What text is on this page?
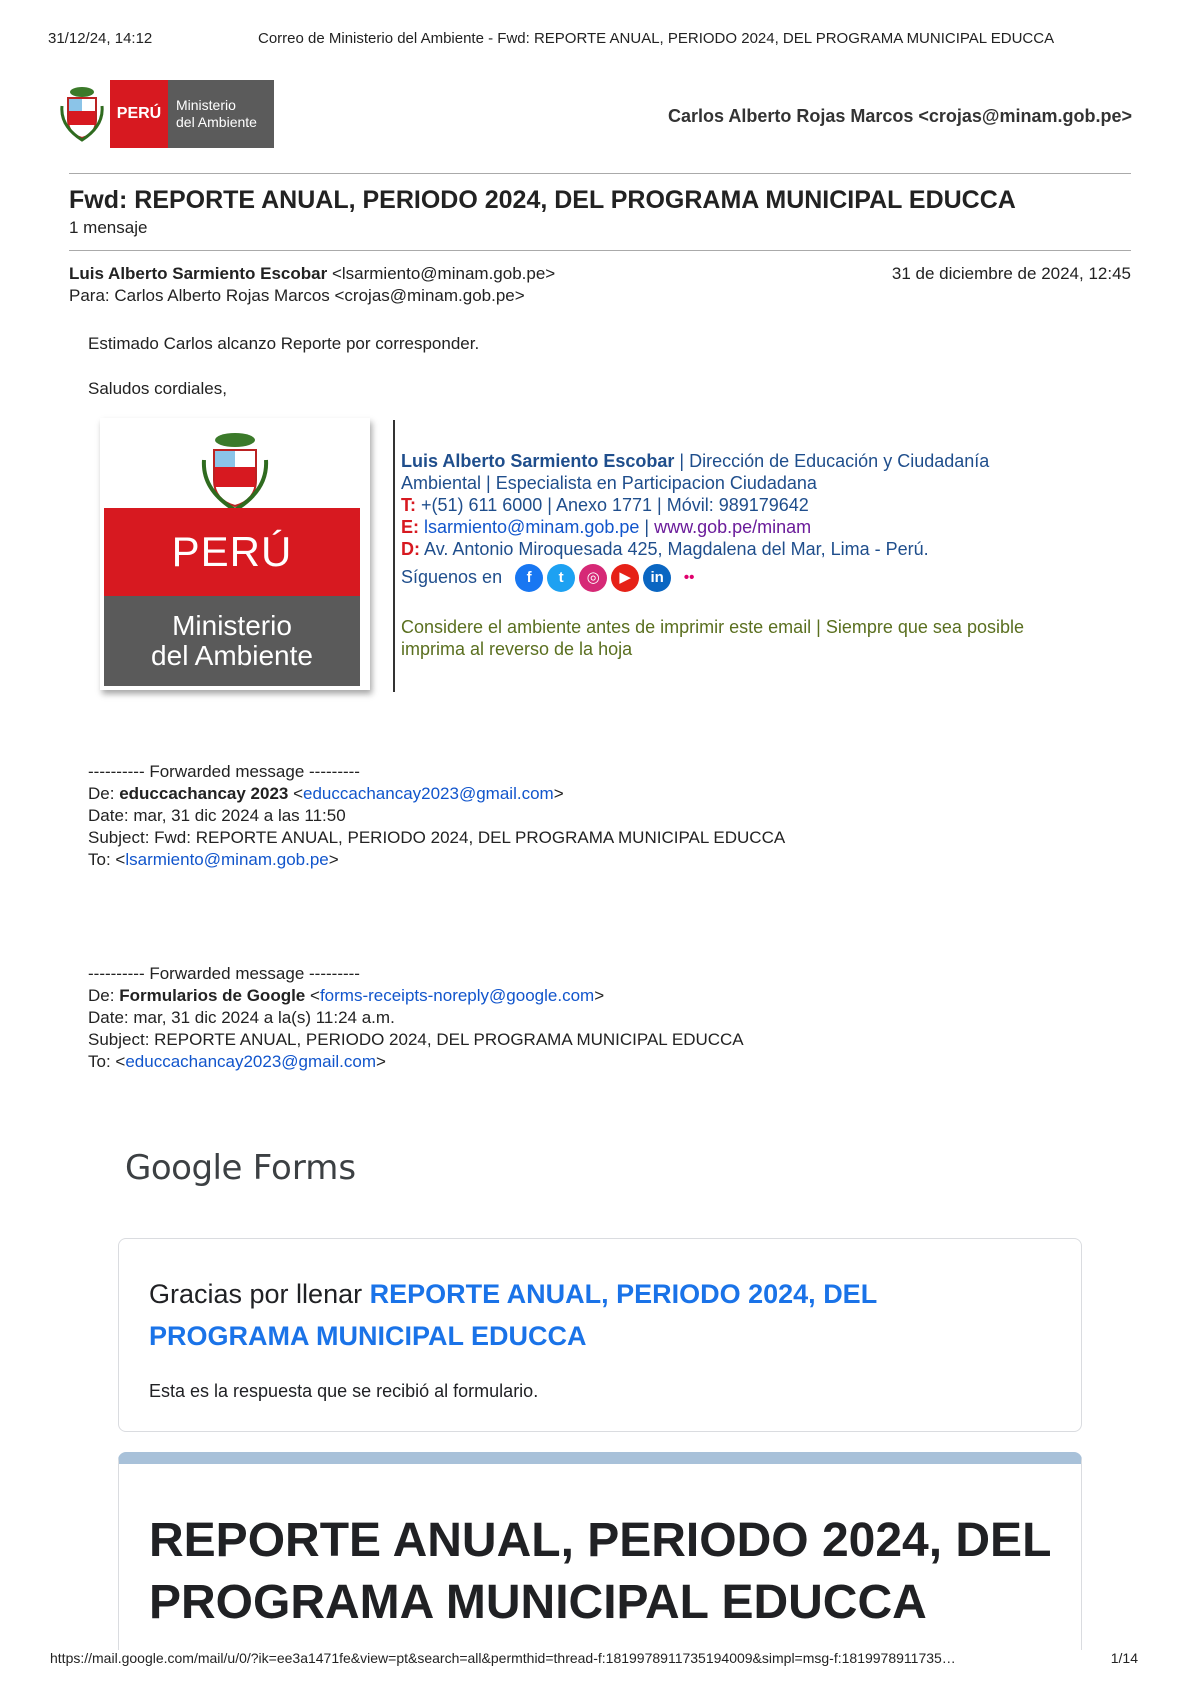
31/12/24, 14:12	Correo de Ministerio del Ambiente - Fwd: REPORTE ANUAL, PERIODO 2024, DEL PROGRAMA MUNICIPAL EDUCCA
PERÚ	Ministerio
del Ambiente	Carlos Alberto Rojas Marcos <crojas@minam.gob.pe>
Fwd: REPORTE ANUAL, PERIODO 2024, DEL PROGRAMA MUNICIPAL EDUCCA
1 mensaje
Luis Alberto Sarmiento Escobar <lsarmiento@minam.gob.pe>	31 de diciembre de 2024, 12:45
Para: Carlos Alberto Rojas Marcos <crojas@minam.gob.pe>
Estimado Carlos alcanzo Reporte por corresponder.
Saludos cordiales,
PERÚ
Ministerio
del Ambiente
Luis Alberto Sarmiento Escobar | Dirección de Educación y Ciudadanía
Ambiental | Especialista en Participacion Ciudadana
T: +(51) 611 6000 | Anexo 1771 | Móvil: 989179642
E: lsarmiento@minam.gob.pe | www.gob.pe/minam
D: Av. Antonio Miroquesada 425, Magdalena del Mar, Lima - Perú.
Síguenos en f t ◎ ▶ in ••
Considere el ambiente antes de imprimir este email | Siempre que sea posible
imprima al reverso de la hoja
---------- Forwarded message ---------
De: educcachancay 2023 <educcachancay2023@gmail.com>
Date: mar, 31 dic 2024 a las 11:50
Subject: Fwd: REPORTE ANUAL, PERIODO 2024, DEL PROGRAMA MUNICIPAL EDUCCA
To: <lsarmiento@minam.gob.pe>
---------- Forwarded message ---------
De: Formularios de Google <forms-receipts-noreply@google.com>
Date: mar, 31 dic 2024 a la(s) 11:24 a.m.
Subject: REPORTE ANUAL, PERIODO 2024, DEL PROGRAMA MUNICIPAL EDUCCA
To: <educcachancay2023@gmail.com>
Google Forms
Gracias por llenar REPORTE ANUAL, PERIODO 2024, DEL PROGRAMA MUNICIPAL EDUCCA
Esta es la respuesta que se recibió al formulario.
REPORTE ANUAL, PERIODO 2024, DEL PROGRAMA MUNICIPAL EDUCCA
https://mail.google.com/mail/u/0/?ik=ee3a1471fe&view=pt&search=all&permthid=thread-f:1819978911735194009&simpl=msg-f:1819978911735…	1/14
